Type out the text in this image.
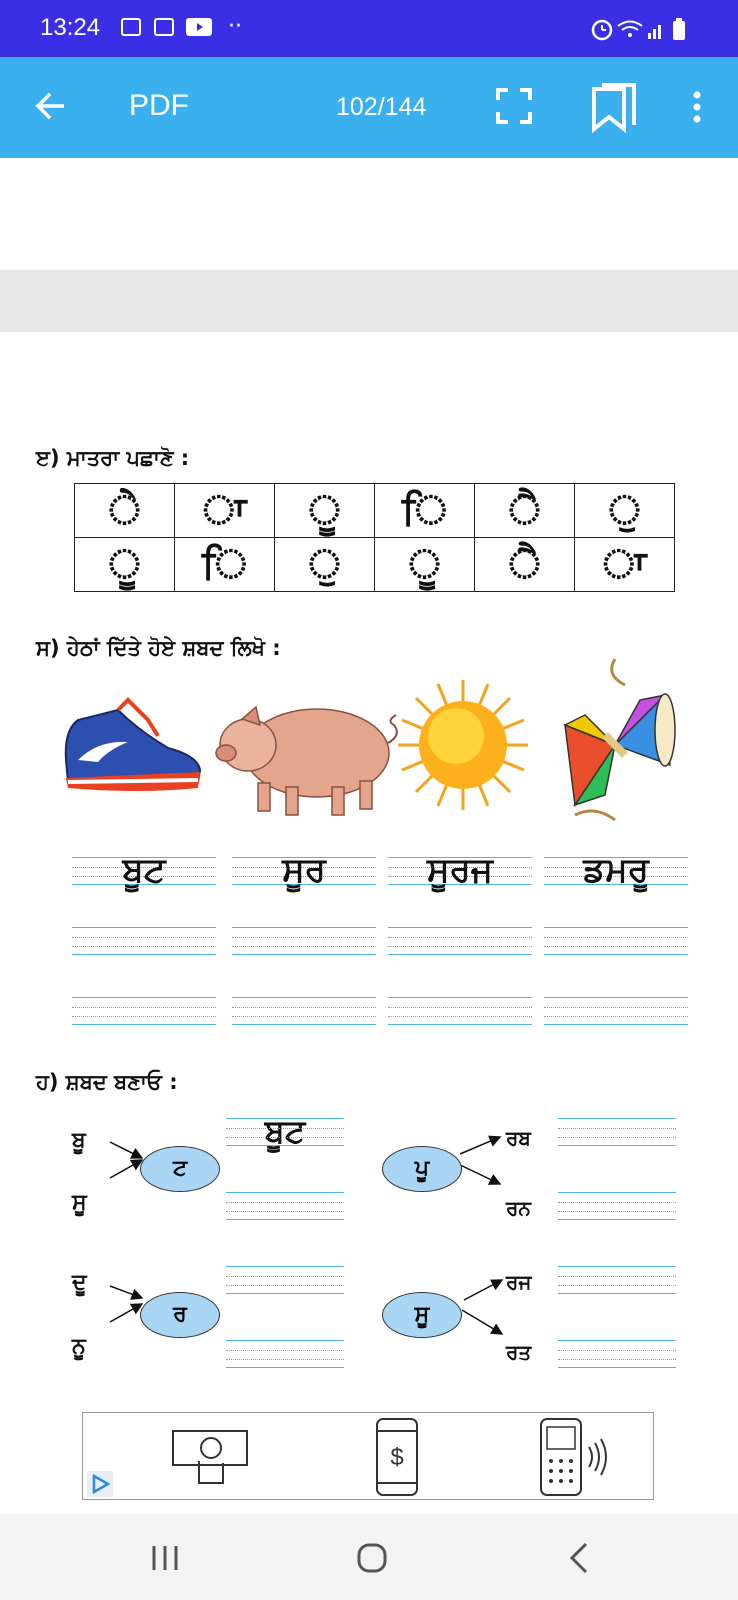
13:24	··
PDF	102/144
ੲ) ਮਾਤਰਾ ਪਛਾਣੋ :
ੇ	ਾ	ੂ	ਿ	ੈ	ੁ
ੂ	ਿ	ੁ	ੂ	ੈ	ਾ
ਸ) ਹੇਠਾਂ ਦਿੱਤੇ ਹੋਏ ਸ਼ਬਦ ਲਿਖੋ :
ਬੂਟ	ਸੂਰ	ਸੂਰਜ	ਡਮਰੂ
ਹ) ਸ਼ਬਦ ਬਣਾਓ :
ਬੂ
ਸੂ
ਟ
ਬੂਟ
ਪੂ
ਰਬ
ਰਨ
ਦੂ
ਨੂ
ਰ	ਸੂ
ਰਜ
ਰਤ
$
